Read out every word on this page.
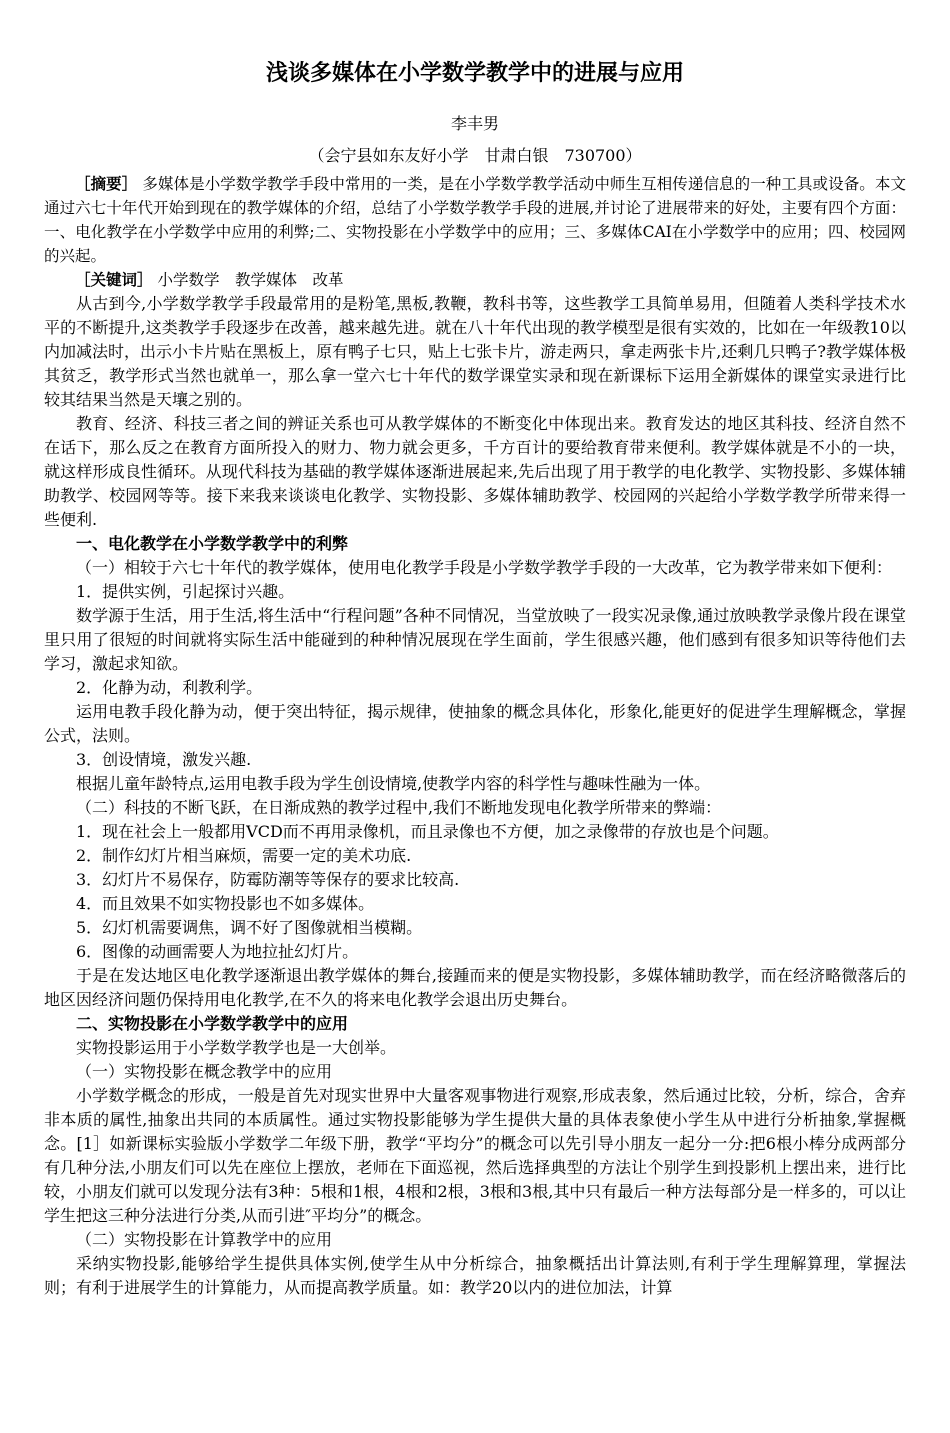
浅谈多媒体在小学数学教学中的进展与应用
李丰男
（会宁县如东友好小学　甘肃白银　730700）

［摘要］ 多媒体是小学数学教学手段中常用的一类，是在小学数学教学活动中师生互相传递信息的一种工具或设备。本文通过六七十年代开始到现在的教学媒体的介绍，总结了小学数学教学手段的进展,并讨论了进展带来的好处，主要有四个方面：一、电化教学在小学数学中应用的利弊;二、实物投影在小学数学中的应用；三、多媒体CAI在小学数学中的应用；四、校园网的兴起。

［关键词］ 小学数学　教学媒体　改革

从古到今,小学数学教学手段最常用的是粉笔,黑板,教鞭，教科书等，这些教学工具简单易用，但随着人类科学技术水平的不断提升,这类教学手段逐步在改善，越来越先进。就在八十年代出现的教学模型是很有实效的，比如在一年级教10以内加减法时，出示小卡片贴在黑板上，原有鸭子七只，贴上七张卡片，游走两只，拿走两张卡片,还剩几只鸭子?教学媒体极其贫乏，教学形式当然也就单一，那么拿一堂六七十年代的数学课堂实录和现在新课标下运用全新媒体的课堂实录进行比较其结果当然是天壤之别的。

教育、经济、科技三者之间的辨证关系也可从教学媒体的不断变化中体现出来。教育发达的地区其科技、经济自然不在话下，那么反之在教育方面所投入的财力、物力就会更多，千方百计的要给教育带来便利。教学媒体就是不小的一块，就这样形成良性循环。从现代科技为基础的教学媒体逐渐进展起来,先后出现了用于教学的电化教学、实物投影、多媒体辅助教学、校园网等等。接下来我来谈谈电化教学、实物投影、多媒体辅助教学、校园网的兴起给小学数学教学所带来得一些便利.

一、电化教学在小学数学教学中的利弊

（一）相较于六七十年代的教学媒体，使用电化教学手段是小学数学教学手段的一大改革，它为教学带来如下便利：

1．提供实例，引起探讨兴趣。

数学源于生活，用于生活,将生活中“行程问题”各种不同情况，当堂放映了一段实况录像,通过放映教学录像片段在课堂里只用了很短的时间就将实际生活中能碰到的种种情况展现在学生面前，学生很感兴趣，他们感到有很多知识等待他们去学习，激起求知欲。

2．化静为动，利教利学。

运用电教手段化静为动，便于突出特征，揭示规律，使抽象的概念具体化，形象化,能更好的促进学生理解概念，掌握公式，法则。

3．创设情境，激发兴趣.

根据儿童年龄特点,运用电教手段为学生创设情境,使教学内容的科学性与趣味性融为一体。

（二）科技的不断飞跃，在日渐成熟的教学过程中,我们不断地发现电化教学所带来的弊端：

1．现在社会上一般都用VCD而不再用录像机，而且录像也不方便，加之录像带的存放也是个问题。

2．制作幻灯片相当麻烦，需要一定的美术功底.

3．幻灯片不易保存，防霉防潮等等保存的要求比较高.

4．而且效果不如实物投影也不如多媒体。

5．幻灯机需要调焦，调不好了图像就相当模糊。

6．图像的动画需要人为地拉扯幻灯片。

于是在发达地区电化教学逐渐退出教学媒体的舞台,接踵而来的便是实物投影，多媒体辅助教学，而在经济略微落后的地区因经济问题仍保持用电化教学,在不久的将来电化教学会退出历史舞台。

二、实物投影在小学数学教学中的应用

实物投影运用于小学数学教学也是一大创举。

（一）实物投影在概念教学中的应用

小学数学概念的形成，一般是首先对现实世界中大量客观事物进行观察,形成表象，然后通过比较，分析，综合，舍弃非本质的属性,抽象出共同的本质属性。通过实物投影能够为学生提供大量的具体表象使小学生从中进行分析抽象,掌握概念。[1］如新课标实验版小学数学二年级下册，教学“平均分”的概念可以先引导小朋友一起分一分:把6根小棒分成两部分有几种分法,小朋友们可以先在座位上摆放，老师在下面巡视，然后选择典型的方法让个别学生到投影机上摆出来，进行比较，小朋友们就可以发现分法有3种：5根和1根，4根和2根，3根和3根,其中只有最后一种方法每部分是一样多的，可以让学生把这三种分法进行分类,从而引进″平均分”的概念。

（二）实物投影在计算教学中的应用

采纳实物投影,能够给学生提供具体实例,使学生从中分析综合，抽象概括出计算法则,有利于学生理解算理，掌握法则；有利于进展学生的计算能力，从而提高教学质量。如：教学20以内的进位加法，计算
